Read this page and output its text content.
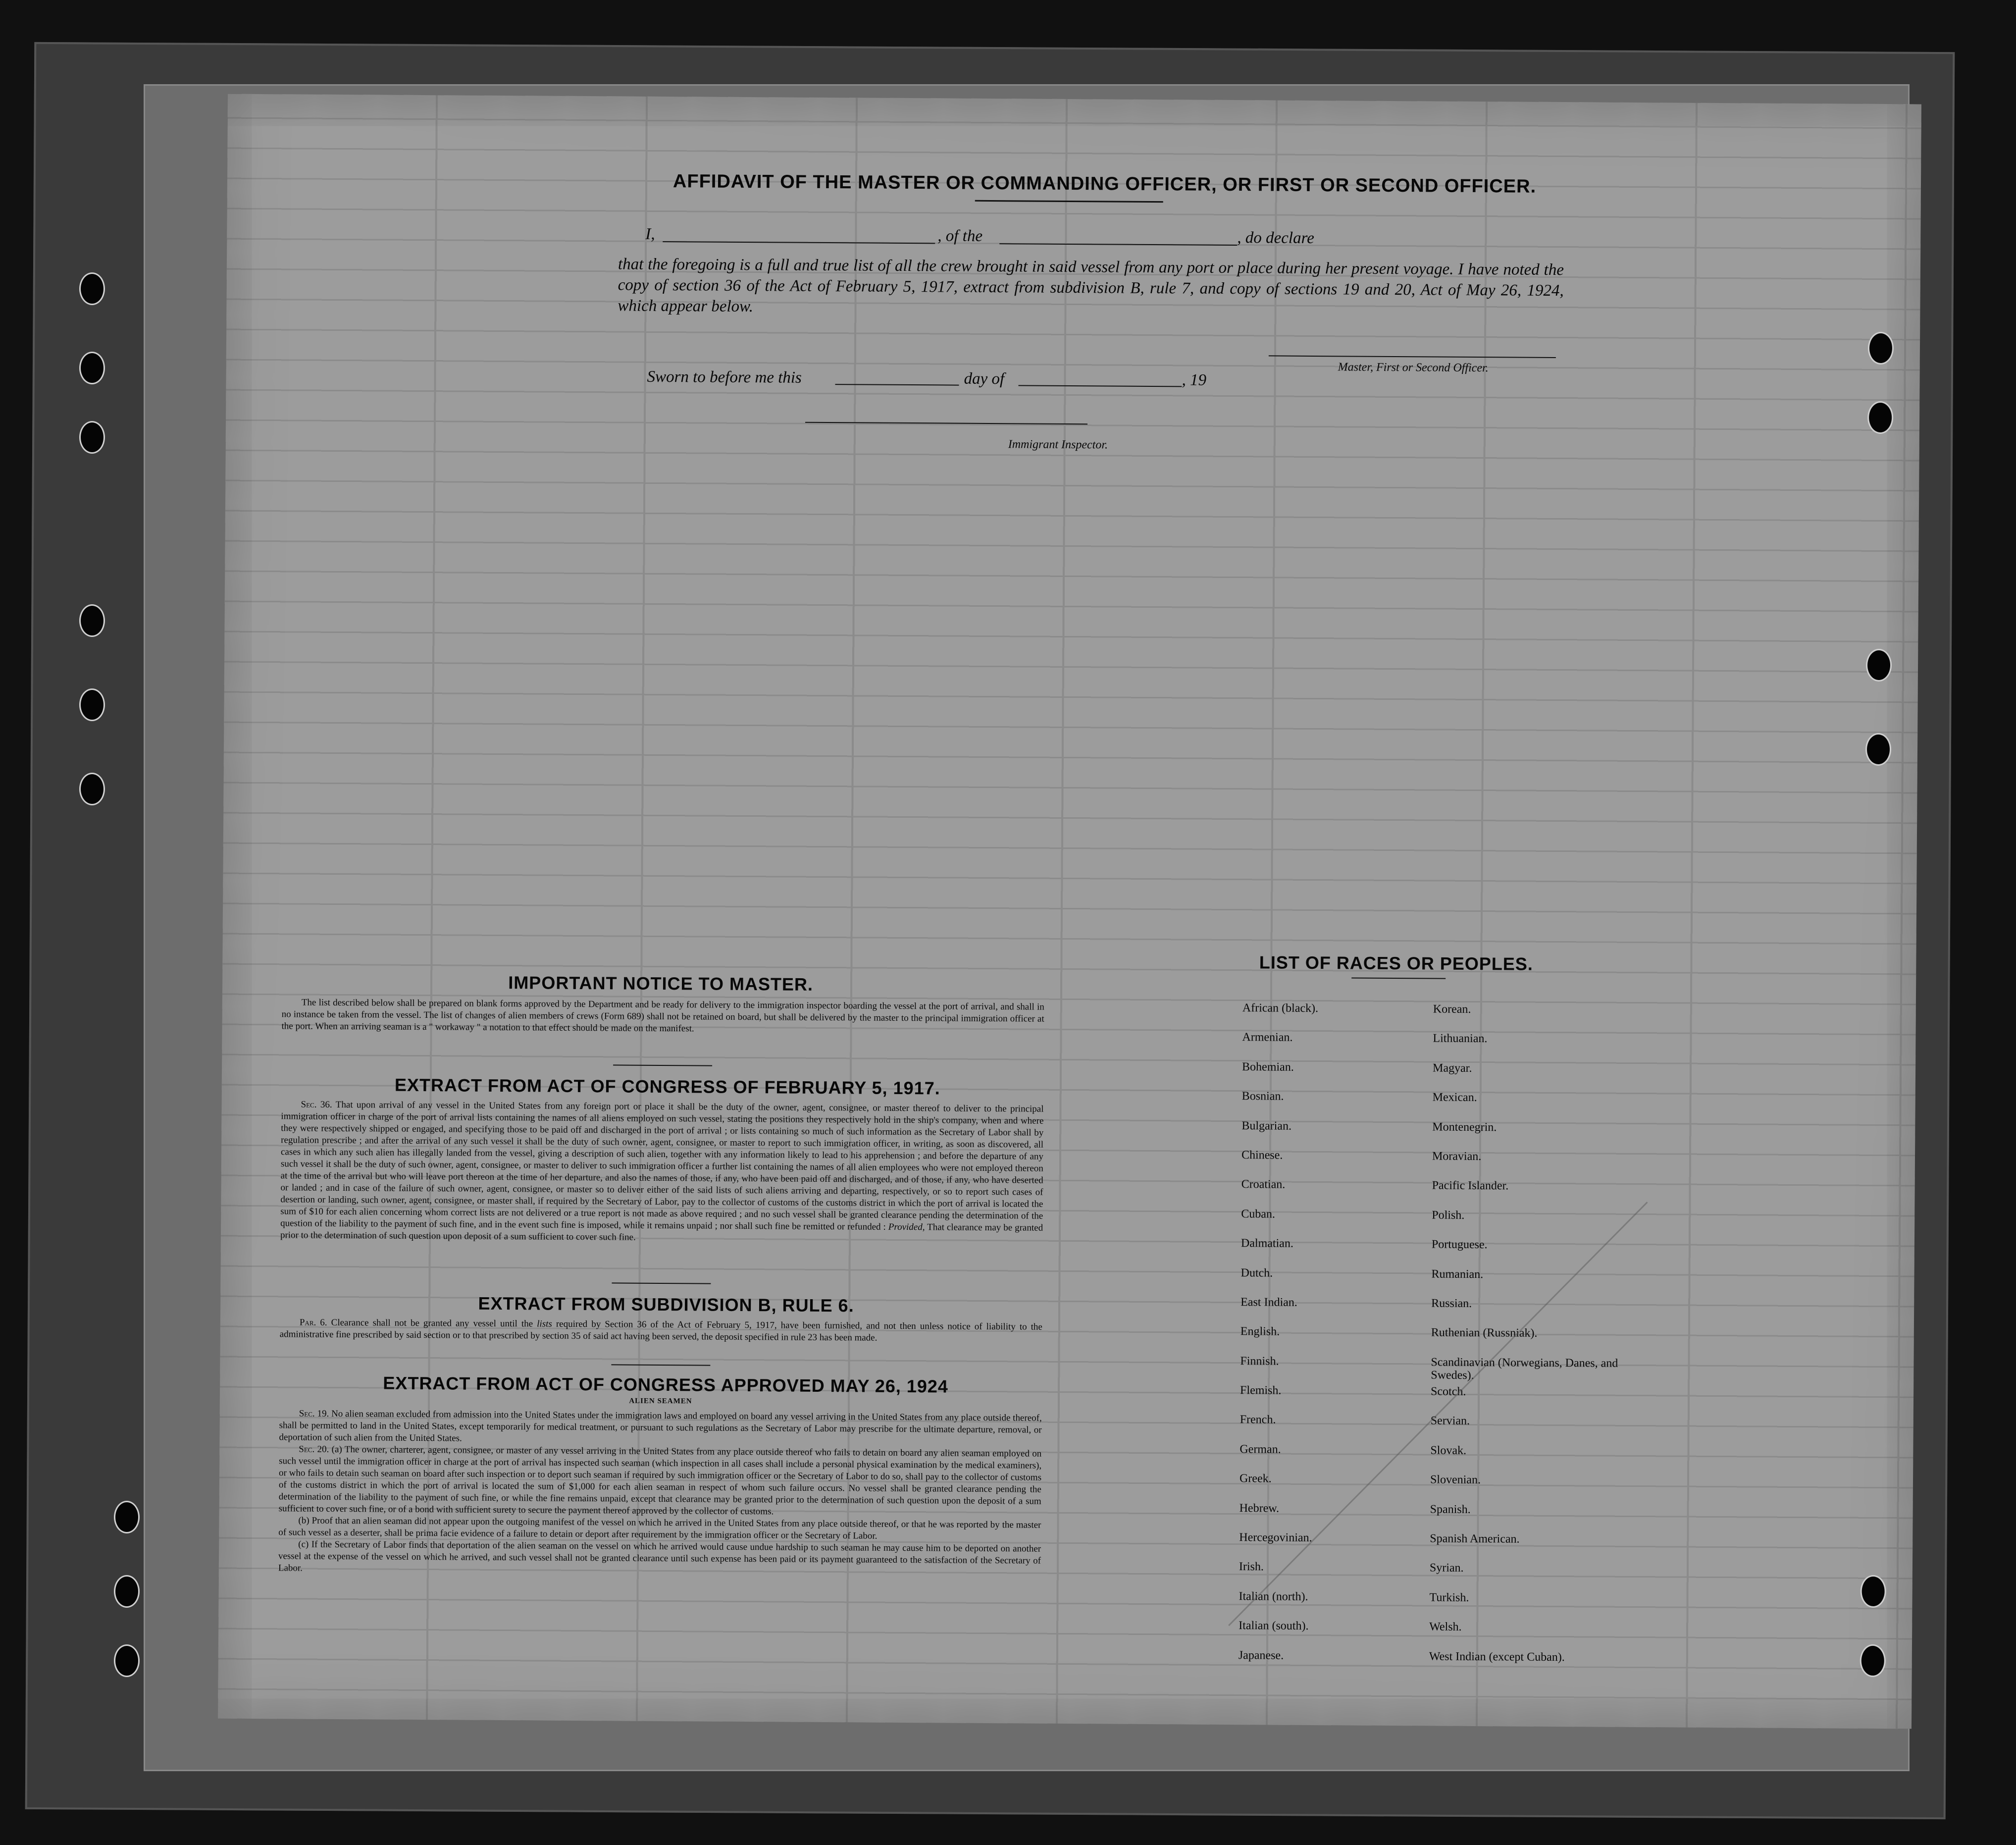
AFFIDAVIT OF THE MASTER OR COMMANDING OFFICER, OR FIRST OR SECOND OFFICER.
I,	, of the	, do declare
that the foregoing is a full and true list of all the crew brought in said vessel from any port or place during her present voyage. I have noted the copy of section 36 of the Act of February 5, 1917, extract from subdivision B, rule 7, and copy of sections 19 and 20, Act of May 26, 1924, which appear below.
Master, First or Second Officer.
Sworn to before me this	day of	, 19
Immigrant Inspector.
IMPORTANT NOTICE TO MASTER.

The list described below shall be prepared on blank forms approved by the Department and be ready for delivery to the immigration inspector boarding the vessel at the port of arrival, and shall in no instance be taken from the vessel. The list of changes of alien members of crews (Form 689) shall not be retained on board, but shall be delivered by the master to the principal immigration officer at the port. When an arriving seaman is a " workaway " a notation to that effect should be made on the manifest.

EXTRACT FROM ACT OF CONGRESS OF FEBRUARY 5, 1917.

Sec. 36. That upon arrival of any vessel in the United States from any foreign port or place it shall be the duty of the owner, agent, consignee, or master thereof to deliver to the principal immigration officer in charge of the port of arrival lists containing the names of all aliens employed on such vessel, stating the positions they respectively hold in the ship's company, when and where they were respectively shipped or engaged, and specifying those to be paid off and discharged in the port of arrival ; or lists containing so much of such information as the Secretary of Labor shall by regulation prescribe ; and after the arrival of any such vessel it shall be the duty of such owner, agent, consignee, or master to report to such immigration officer, in writing, as soon as discovered, all cases in which any such alien has illegally landed from the vessel, giving a description of such alien, together with any information likely to lead to his apprehension ; and before the departure of any such vessel it shall be the duty of such owner, agent, consignee, or master to deliver to such immigration officer a further list containing the names of all alien employees who were not employed thereon at the time of the arrival but who will leave port thereon at the time of her departure, and also the names of those, if any, who have been paid off and discharged, and of those, if any, who have deserted or landed ; and in case of the failure of such owner, agent, consignee, or master so to deliver either of the said lists of such aliens arriving and departing, respectively, or so to report such cases of desertion or landing, such owner, agent, consignee, or master shall, if required by the Secretary of Labor, pay to the collector of customs of the customs district in which the port of arrival is located the sum of $10 for each alien concerning whom correct lists are not delivered or a true report is not made as above required ; and no such vessel shall be granted clearance pending the determination of the question of the liability to the payment of such fine, and in the event such fine is imposed, while it remains unpaid ; nor shall such fine be remitted or refunded : Provided, That clearance may be granted prior to the determination of such question upon deposit of a sum sufficient to cover such fine.

EXTRACT FROM SUBDIVISION B, RULE 6.

Par. 6. Clearance shall not be granted any vessel until the lists required by Section 36 of the Act of February 5, 1917, have been furnished, and not then unless notice of liability to the administrative fine prescribed by said section or to that prescribed by section 35 of said act having been served, the deposit specified in rule 23 has been made.

EXTRACT FROM ACT OF CONGRESS APPROVED MAY 26, 1924
ALIEN SEAMEN

Sec. 19. No alien seaman excluded from admission into the United States under the immigration laws and employed on board any vessel arriving in the United States from any place outside thereof, shall be permitted to land in the United States, except temporarily for medical treatment, or pursuant to such regulations as the Secretary of Labor may prescribe for the ultimate departure, removal, or deportation of such alien from the United States.

Sec. 20. (a) The owner, charterer, agent, consignee, or master of any vessel arriving in the United States from any place outside thereof who fails to detain on board any alien seaman employed on such vessel until the immigration officer in charge at the port of arrival has inspected such seaman (which inspection in all cases shall include a personal physical examination by the medical examiners), or who fails to detain such seaman on board after such inspection or to deport such seaman if required by such immigration officer or the Secretary of Labor to do so, shall pay to the collector of customs of the customs district in which the port of arrival is located the sum of $1,000 for each alien seaman in respect of whom such failure occurs. No vessel shall be granted clearance pending the determination of the liability to the payment of such fine, or while the fine remains unpaid, except that clearance may be granted prior to the determination of such question upon the deposit of a sum sufficient to cover such fine, or of a bond with sufficient surety to secure the payment thereof approved by the collector of customs.

(b) Proof that an alien seaman did not appear upon the outgoing manifest of the vessel on which he arrived in the United States from any place outside thereof, or that he was reported by the master of such vessel as a deserter, shall be prima facie evidence of a failure to detain or deport after requirement by the immigration officer or the Secretary of Labor.

(c) If the Secretary of Labor finds that deportation of the alien seaman on the vessel on which he arrived would cause undue hardship to such seaman he may cause him to be deported on another vessel at the expense of the vessel on which he arrived, and such vessel shall not be granted clearance until such expense has been paid or its payment guaranteed to the satisfaction of the Secretary of Labor.

LIST OF RACES OR PEOPLES.
African (black).
Armenian.
Bohemian.
Bosnian.
Bulgarian.
Chinese.
Croatian.
Cuban.
Dalmatian.
Dutch.
East Indian.
English.
Finnish.
Flemish.
French.
German.
Greek.
Hebrew.
Hercegovinian.
Irish.
Italian (north).
Italian (south).
Japanese.
Korean.
Lithuanian.
Magyar.
Mexican.
Montenegrin.
Moravian.
Pacific Islander.
Polish.
Portuguese.
Rumanian.
Russian.
Ruthenian (Russniak).
Scandinavian (Norwegians, Danes, and Swedes).
Scotch.
Servian.
Slovak.
Slovenian.
Spanish.
Spanish American.
Syrian.
Turkish.
Welsh.
West Indian (except Cuban).
